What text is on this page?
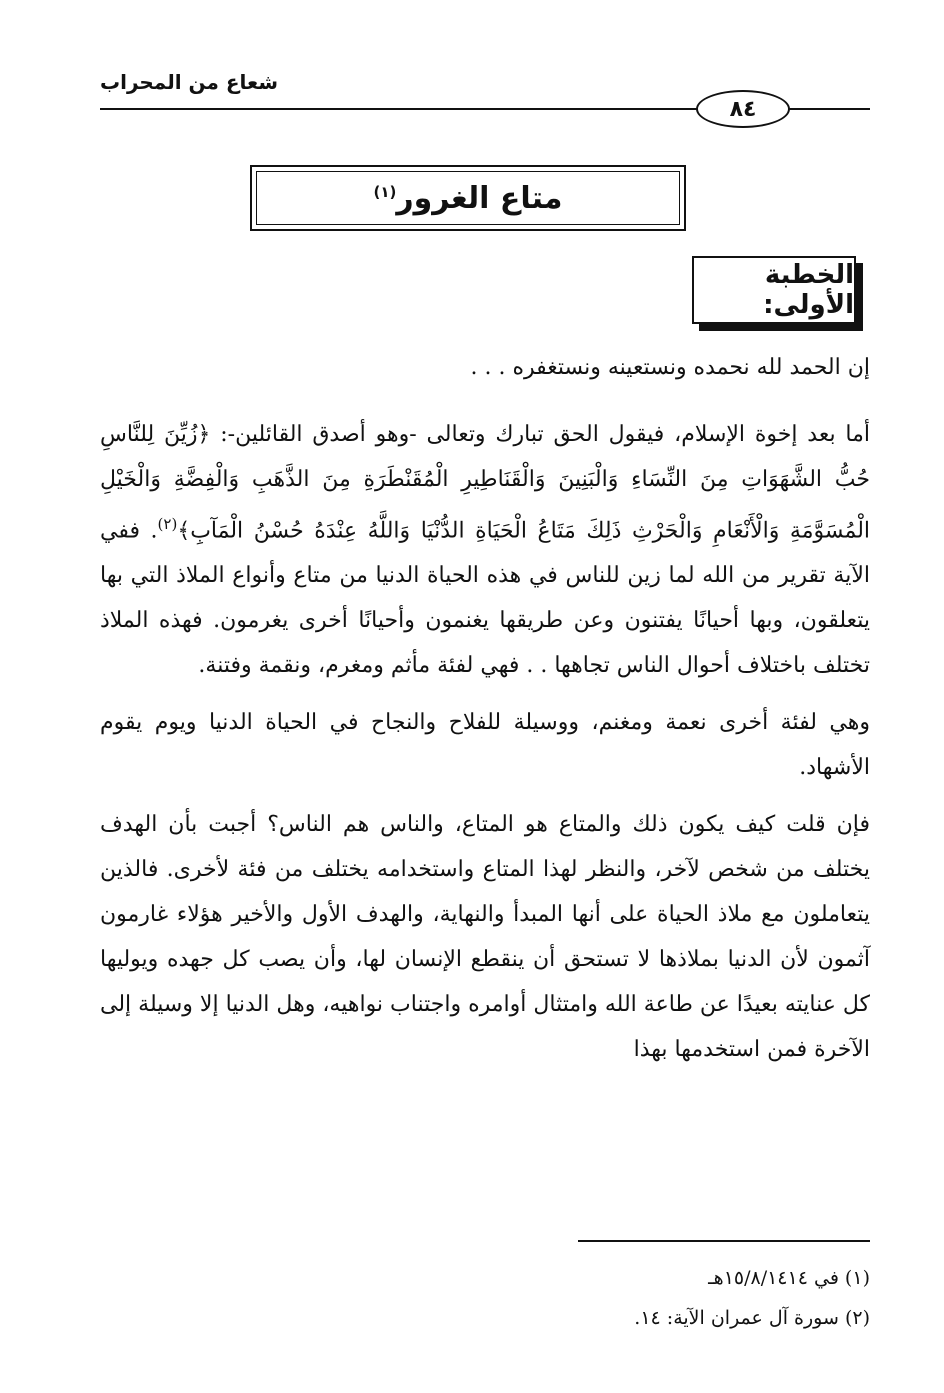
شعاع من المحراب
٨٤
متاع الغرور$^{(١)}$
الخطبة الأولى:

إن الحمد لله نحمده ونستعينه ونستغفره . . .

أما بعد إخوة الإسلام، فيقول الحق تبارك وتعالى -وهو أصدق القائلين-: ﴿زُيِّنَ لِلنَّاسِ حُبُّ الشَّهَوَاتِ مِنَ النِّسَاءِ وَالْبَنِينَ وَالْقَنَاطِيرِ الْمُقَنْطَرَةِ مِنَ الذَّهَبِ وَالْفِضَّةِ وَالْخَيْلِ الْمُسَوَّمَةِ وَالْأَنْعَامِ وَالْحَرْثِ ذَلِكَ مَتَاعُ الْحَيَاةِ الدُّنْيَا وَاللَّهُ عِنْدَهُ حُسْنُ الْمَآبِ﴾$^{(٢)}$. ففي الآية تقرير من الله لما زين للناس في هذه الحياة الدنيا من متاع وأنواع الملاذ التي بها يتعلقون، وبها أحيانًا يفتنون وعن طريقها يغنمون وأحيانًا أخرى يغرمون. فهذه الملاذ تختلف باختلاف أحوال الناس تجاهها . . فهي لفئة مأثم ومغرم، ونقمة وفتنة.

وهي لفئة أخرى نعمة ومغنم، ووسيلة للفلاح والنجاح في الحياة الدنيا ويوم يقوم الأشهاد.

فإن قلت كيف يكون ذلك والمتاع هو المتاع، والناس هم الناس؟ أجبت بأن الهدف يختلف من شخص لآخر، والنظر لهذا المتاع واستخدامه يختلف من فئة لأخرى. فالذين يتعاملون مع ملاذ الحياة على أنها المبدأ والنهاية، والهدف الأول والأخير هؤلاء غارمون آثمون لأن الدنيا بملاذها لا تستحق أن ينقطع الإنسان لها، وأن يصب كل جهده ويوليها كل عنايته بعيدًا عن طاعة الله وامتثال أوامره واجتناب نواهيه، وهل الدنيا إلا وسيلة إلى الآخرة فمن استخدمها بهذا

(١) في ١٥/٨/١٤١٤هـ
(٢) سورة آل عمران الآية: ١٤.
